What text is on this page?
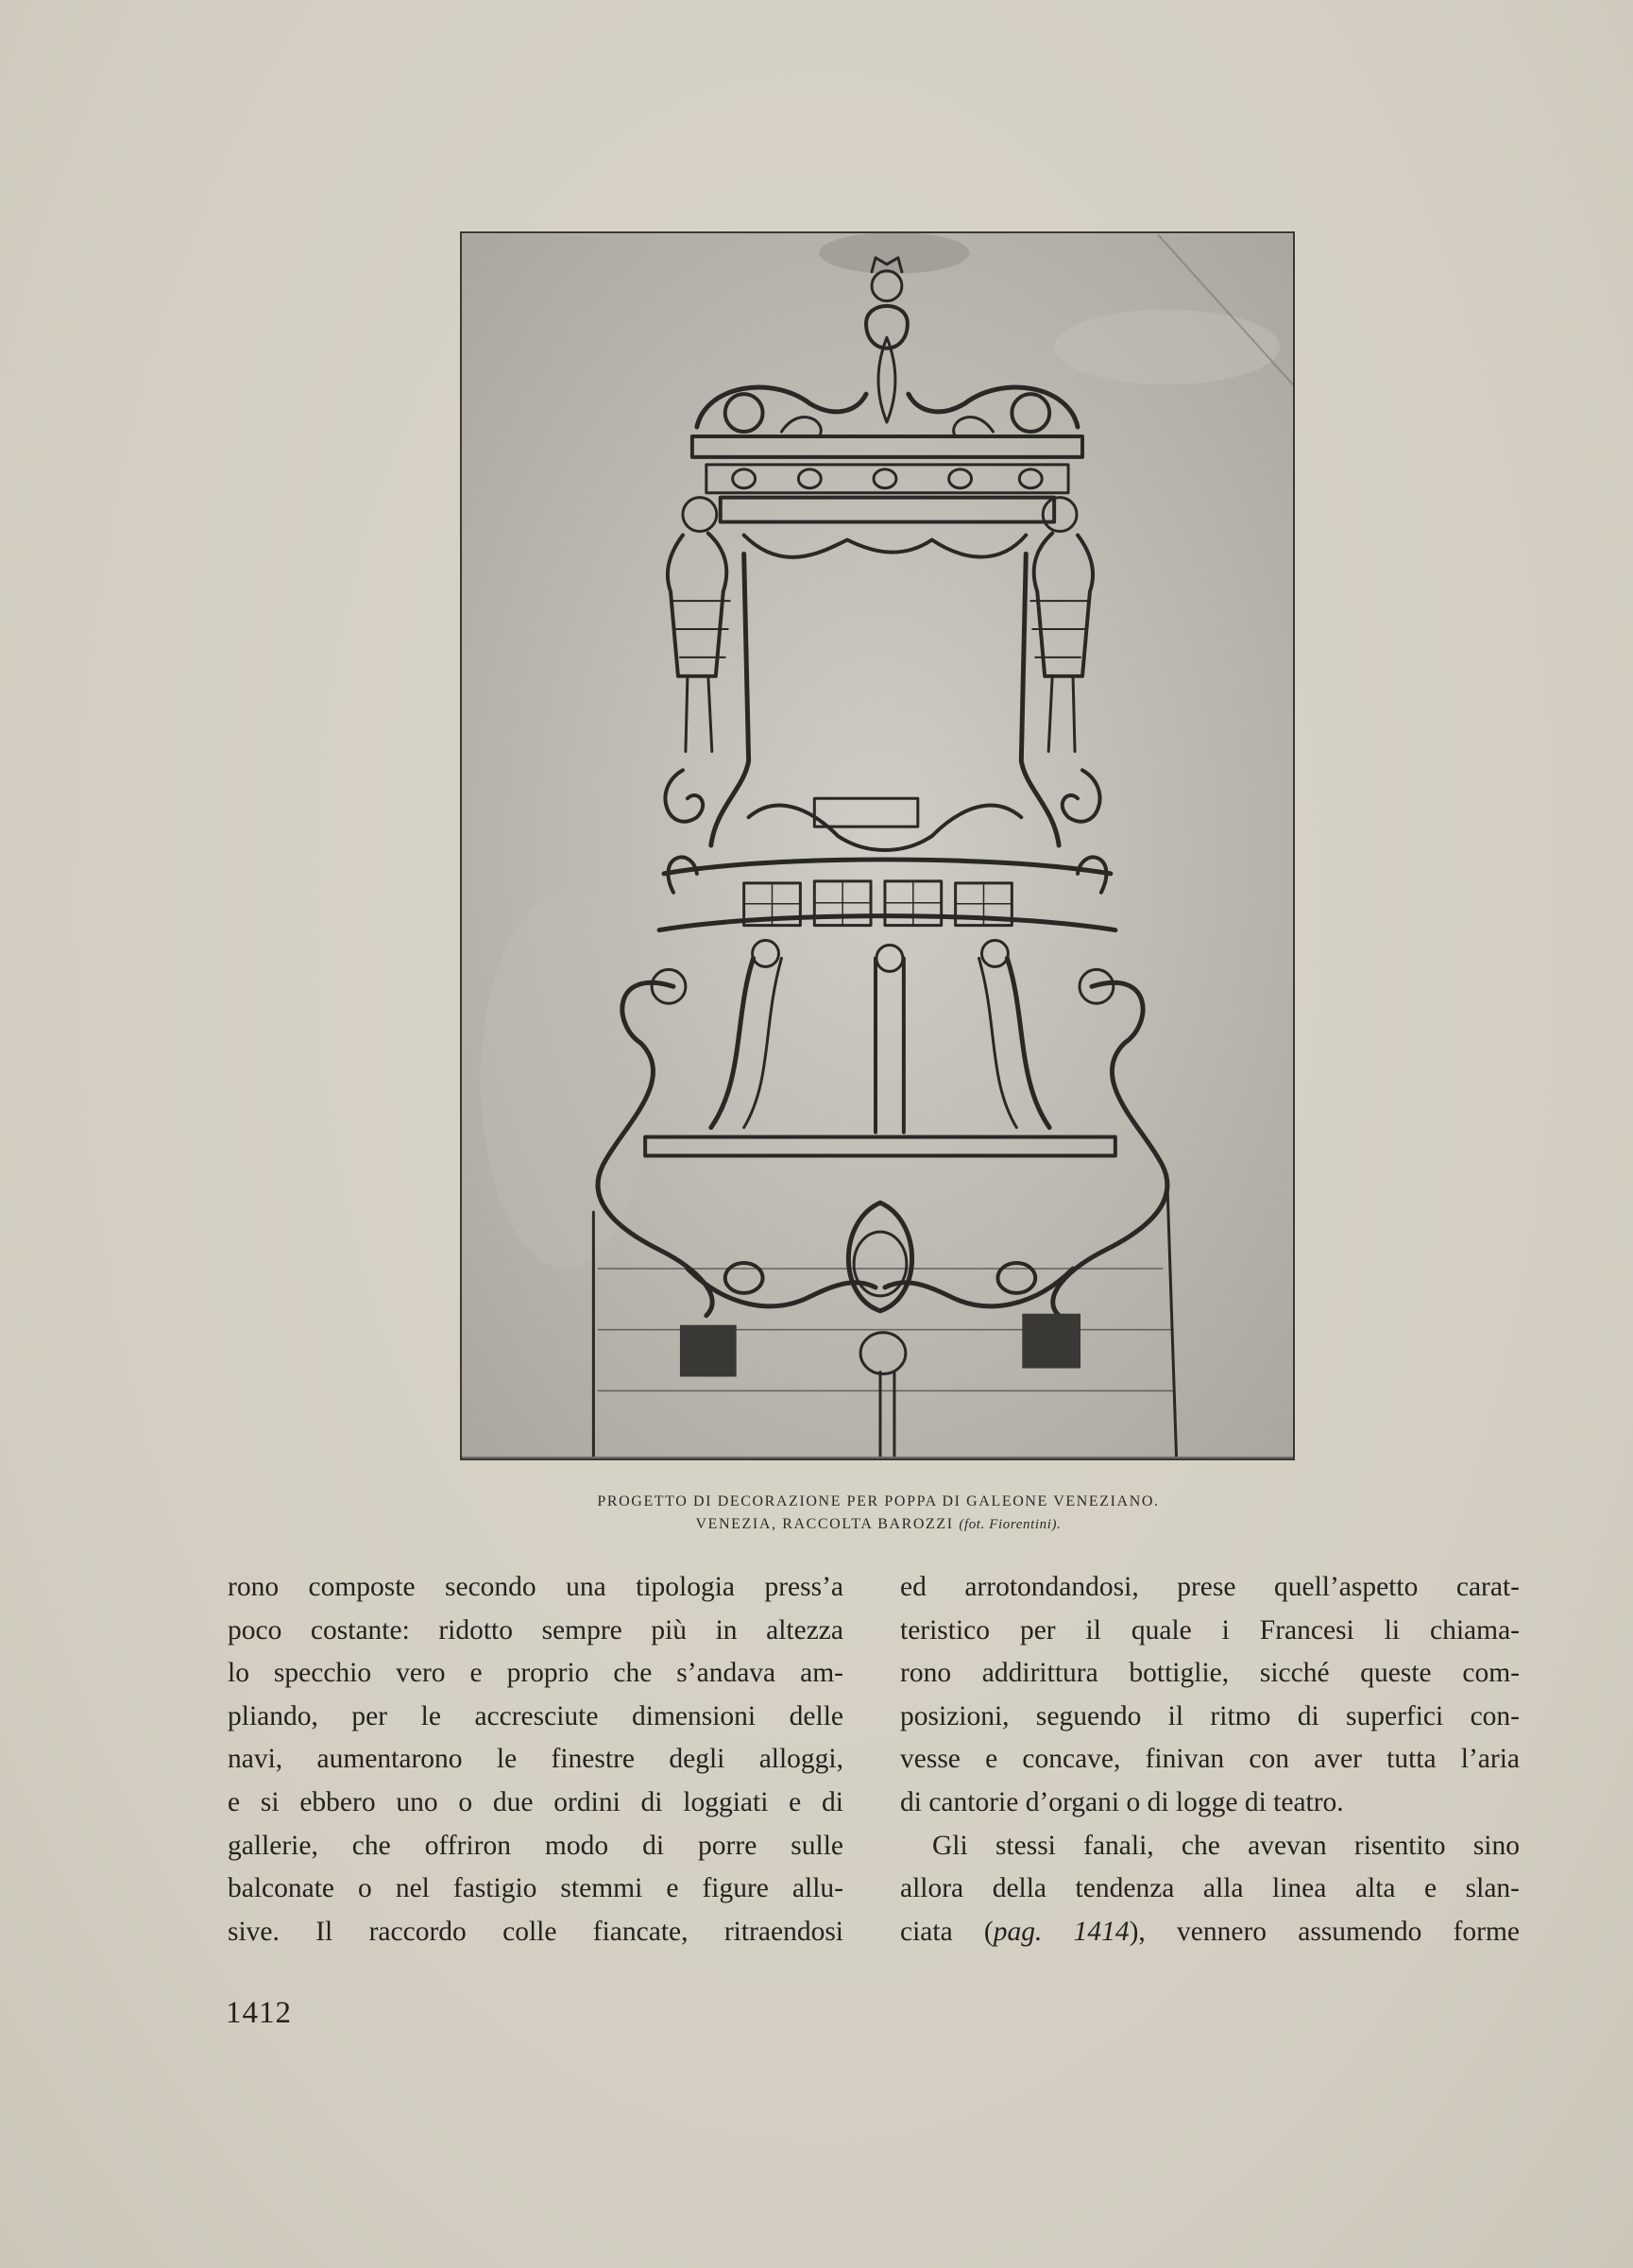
PROGETTO DI DECORAZIONE PER POPPA DI GALEONE VENEZIANO.
VENEZIA, RACCOLTA BAROZZI (fot. Fiorentini).
rono composte secondo una tipologia press’a
poco costante: ridotto sempre più in altezza
lo specchio vero e proprio che s’andava am-
pliando, per le accresciute dimensioni delle
navi, aumentarono le finestre degli alloggi,
e si ebbero uno o due ordini di loggiati e di
gallerie, che offriron modo di porre sulle
balconate o nel fastigio stemmi e figure allu-
sive. Il raccordo colle fiancate, ritraendosi
ed arrotondandosi, prese quell’aspetto carat-
teristico per il quale i Francesi li chiama-
rono addirittura bottiglie, sicché queste com-
posizioni, seguendo il ritmo di superfici con-
vesse e concave, finivan con aver tutta l’aria
di cantorie d’organi o di logge di teatro.
Gli stessi fanali, che avevan risentito sino
allora della tendenza alla linea alta e slan-
ciata (pag. 1414), vennero assumendo forme
1412
